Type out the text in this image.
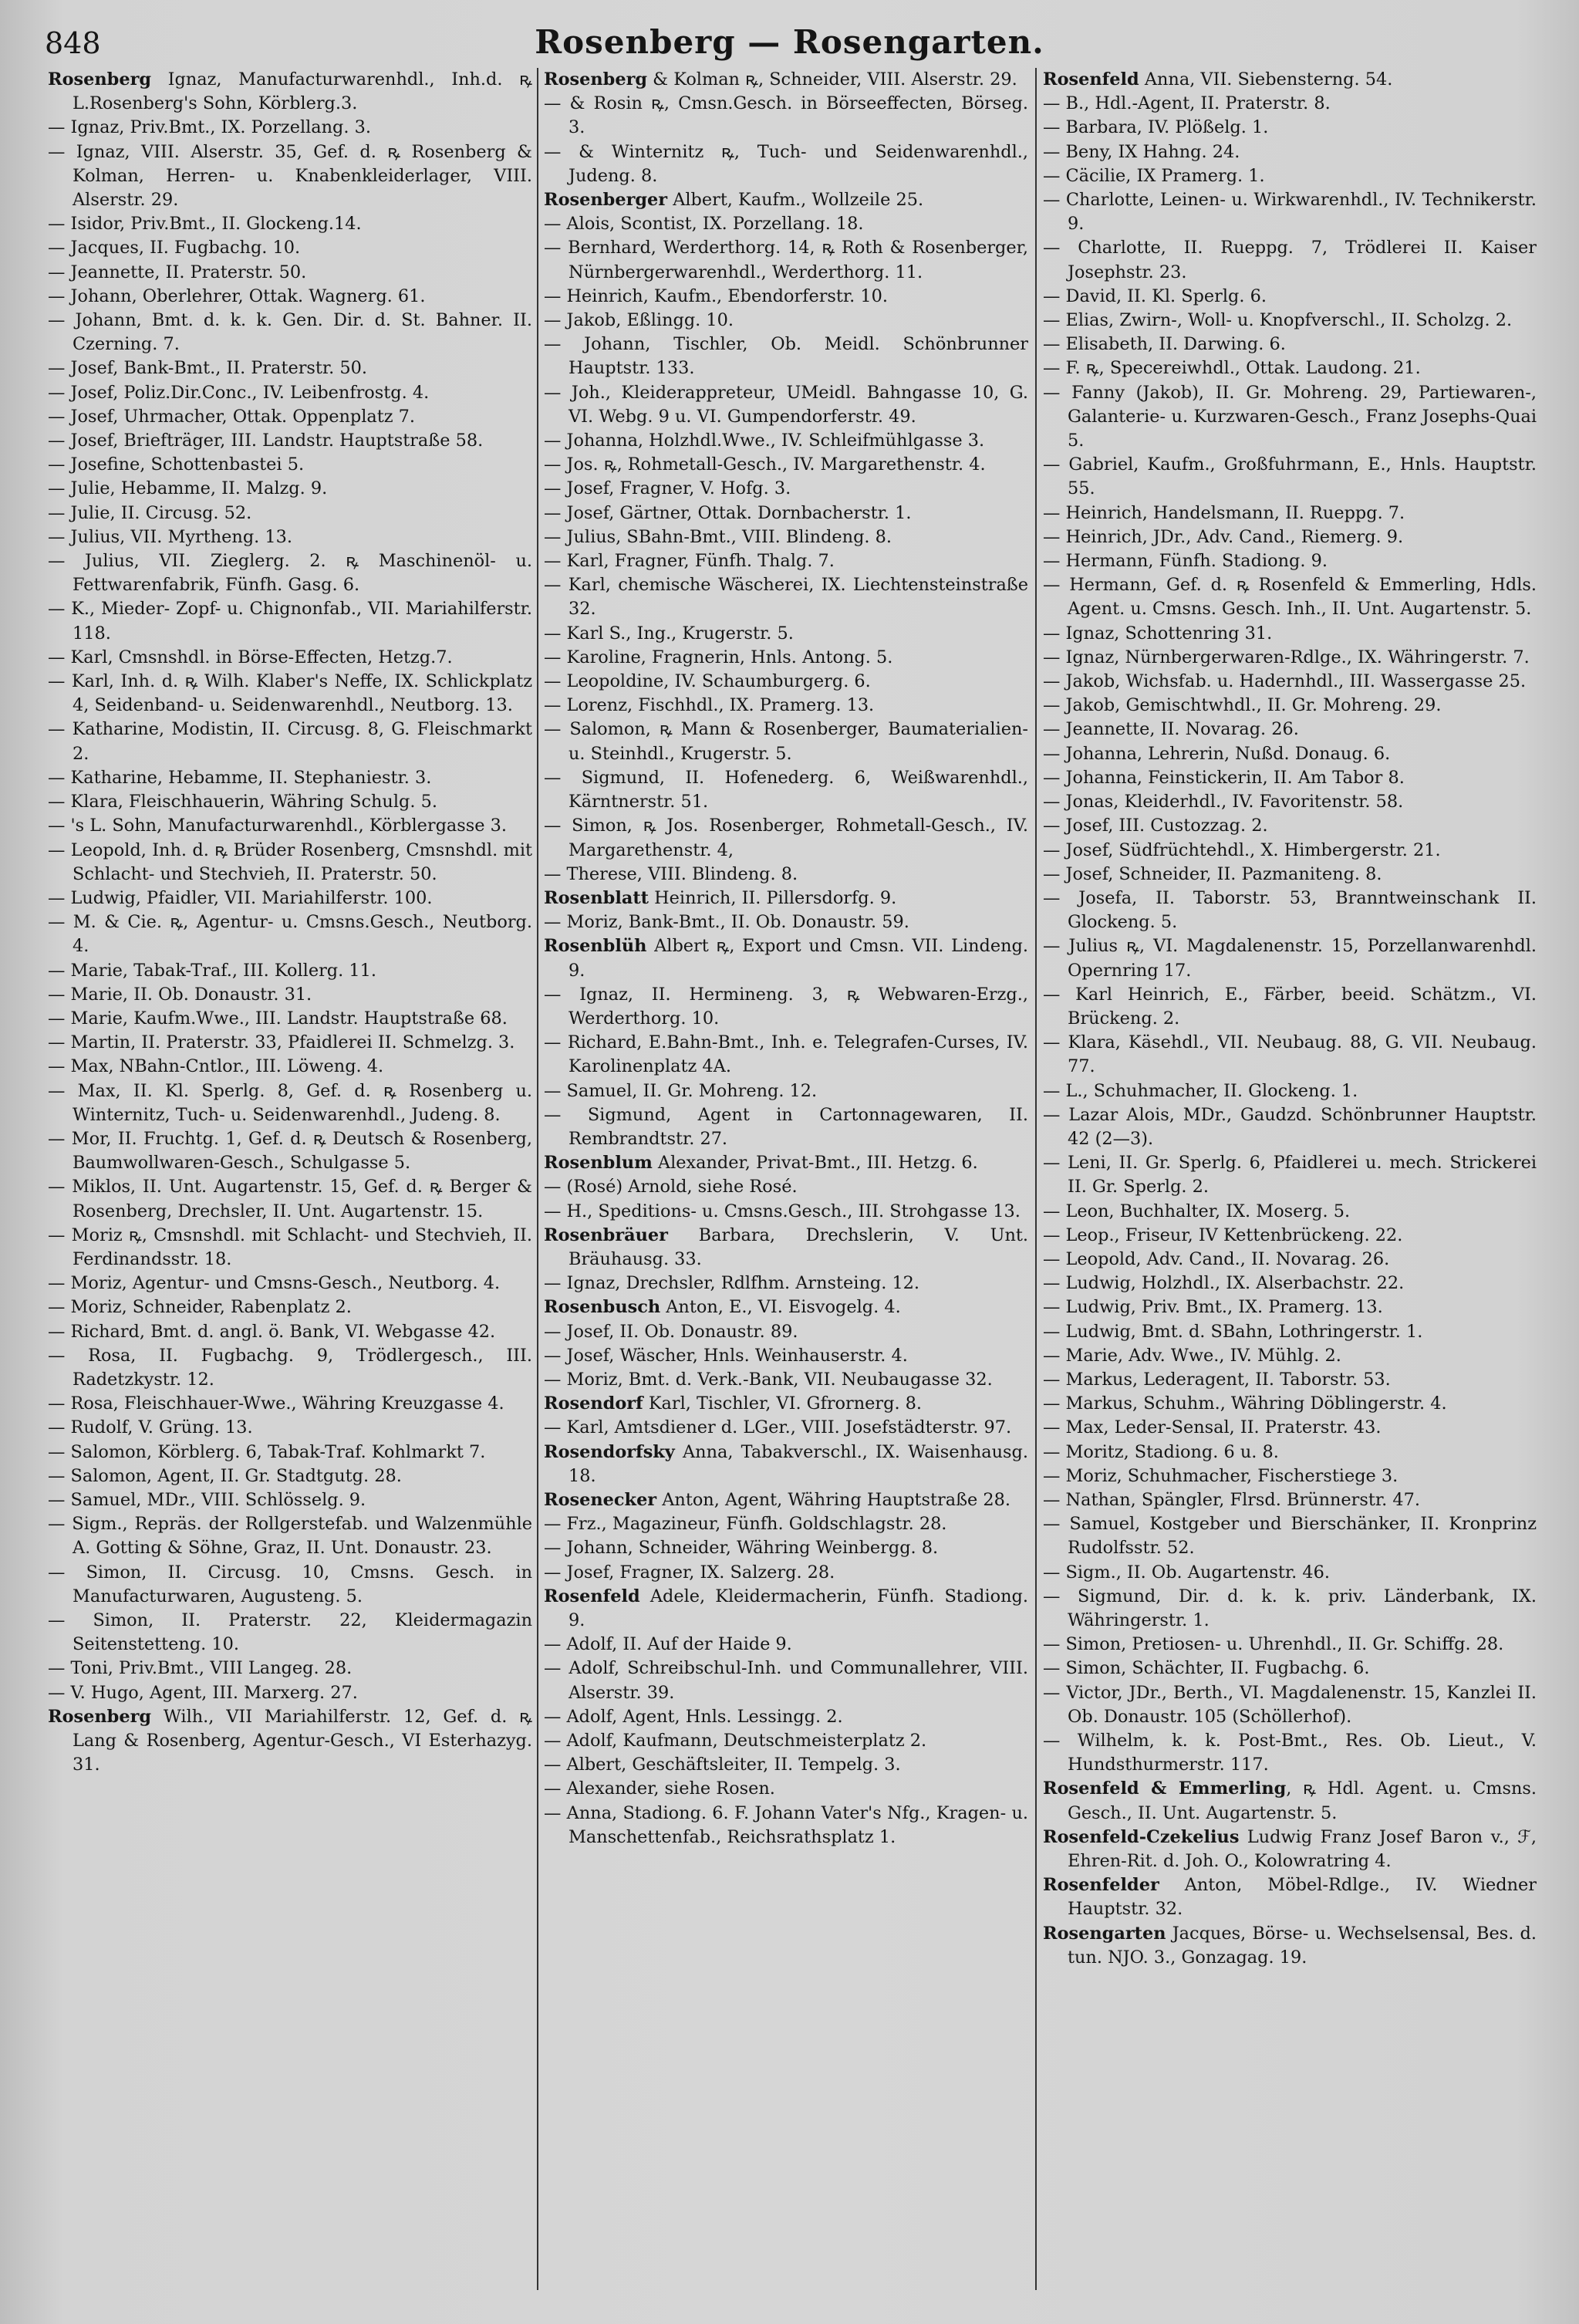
848	Rosenberg — Rosengarten.
Rosenberg Ignaz, Manufacturwarenhdl., Inh.d. ꝶ L.Rosenberg's Sohn, Körblerg.3.
— Ignaz, Priv.Bmt., IX. Porzellang. 3.
— Ignaz, VIII. Alserstr. 35, Gef. d. ꝶ Rosenberg & Kolman, Herren- u. Knabenkleiderlager, VIII. Alserstr. 29.
— Isidor, Priv.Bmt., II. Glockeng.14.
— Jacques, II. Fugbachg. 10.
— Jeannette, II. Praterstr. 50.
— Johann, Oberlehrer, Ottak. Wagnerg. 61.
— Johann, Bmt. d. k. k. Gen. Dir. d. St. Bahner. II. Czerning. 7.
— Josef, Bank-Bmt., II. Praterstr. 50.
— Josef, Poliz.Dir.Conc., IV. Leibenfrostg. 4.
— Josef, Uhrmacher, Ottak. Oppenplatz 7.
— Josef, Briefträger, III. Landstr. Hauptstraße 58.
— Josefine, Schottenbastei 5.
— Julie, Hebamme, II. Malzg. 9.
— Julie, II. Circusg. 52.
— Julius, VII. Myrtheng. 13.
— Julius, VII. Zieglerg. 2. ꝶ Maschinenöl- u. Fettwarenfabrik, Fünfh. Gasg. 6.
— K., Mieder- Zopf- u. Chignonfab., VII. Mariahilferstr. 118.
— Karl, Cmsnshdl. in Börse-Effecten, Hetzg.7.
— Karl, Inh. d. ꝶ Wilh. Klaber's Neffe, IX. Schlickplatz 4, Seidenband- u. Seidenwarenhdl., Neutborg. 13.
— Katharine, Modistin, II. Circusg. 8, G. Fleischmarkt 2.
— Katharine, Hebamme, II. Stephaniestr. 3.
— Klara, Fleischhauerin, Währing Schulg. 5.
— 's L. Sohn, Manufacturwarenhdl., Körblergasse 3.
— Leopold, Inh. d. ꝶ Brüder Rosenberg, Cmsnshdl. mit Schlacht- und Stechvieh, II. Praterstr. 50.
— Ludwig, Pfaidler, VII. Mariahilferstr. 100.
— M. & Cie. ꝶ, Agentur- u. Cmsns.Gesch., Neutborg. 4.
— Marie, Tabak-Traf., III. Kollerg. 11.
— Marie, II. Ob. Donaustr. 31.
— Marie, Kaufm.Wwe., III. Landstr. Hauptstraße 68.
— Martin, II. Praterstr. 33, Pfaidlerei II. Schmelzg. 3.
— Max, NBahn-Cntlor., III. Löweng. 4.
— Max, II. Kl. Sperlg. 8, Gef. d. ꝶ Rosenberg u. Winternitz, Tuch- u. Seidenwarenhdl., Judeng. 8.
— Mor, II. Fruchtg. 1, Gef. d. ꝶ Deutsch & Rosenberg, Baumwollwaren-Gesch., Schulgasse 5.
— Miklos, II. Unt. Augartenstr. 15, Gef. d. ꝶ Berger & Rosenberg, Drechsler, II. Unt. Augartenstr. 15.
— Moriz ꝶ, Cmsnshdl. mit Schlacht- und Stechvieh, II. Ferdinandsstr. 18.
— Moriz, Agentur- und Cmsns-Gesch., Neutborg. 4.
— Moriz, Schneider, Rabenplatz 2.
— Richard, Bmt. d. angl. ö. Bank, VI. Webgasse 42.
— Rosa, II. Fugbachg. 9, Trödlergesch., III. Radetzkystr. 12.
— Rosa, Fleischhauer-Wwe., Währing Kreuzgasse 4.
— Rudolf, V. Grüng. 13.
— Salomon, Körblerg. 6, Tabak-Traf. Kohlmarkt 7.
— Salomon, Agent, II. Gr. Stadtgutg. 28.
— Samuel, MDr., VIII. Schlösselg. 9.
— Sigm., Repräs. der Rollgerstefab. und Walzenmühle A. Gotting & Söhne, Graz, II. Unt. Donaustr. 23.
— Simon, II. Circusg. 10, Cmsns. Gesch. in Manufacturwaren, Augusteng. 5.
— Simon, II. Praterstr. 22, Kleidermagazin Seitenstetteng. 10.
— Toni, Priv.Bmt., VIII Langeg. 28.
— V. Hugo, Agent, III. Marxerg. 27.
Rosenberg Wilh., VII Mariahilferstr. 12, Gef. d. ꝶ Lang & Rosenberg, Agentur-Gesch., VI Esterhazyg. 31.
Rosenberg & Kolman ꝶ, Schneider, VIII. Alserstr. 29.
— & Rosin ꝶ, Cmsn.Gesch. in Börseeffecten, Börseg. 3.
— & Winternitz ꝶ, Tuch- und Seidenwarenhdl., Judeng. 8.
Rosenberger Albert, Kaufm., Wollzeile 25.
— Alois, Scontist, IX. Porzellang. 18.
— Bernhard, Werderthorg. 14, ꝶ Roth & Rosenberger, Nürnbergerwarenhdl., Werderthorg. 11.
— Heinrich, Kaufm., Ebendorferstr. 10.
— Jakob, Eßlingg. 10.
— Johann, Tischler, Ob. Meidl. Schönbrunner Hauptstr. 133.
— Joh., Kleiderappreteur, UMeidl. Bahngasse 10, G. VI. Webg. 9 u. VI. Gumpendorferstr. 49.
— Johanna, Holzhdl.Wwe., IV. Schleifmühlgasse 3.
— Jos. ꝶ, Rohmetall-Gesch., IV. Margarethenstr. 4.
— Josef, Fragner, V. Hofg. 3.
— Josef, Gärtner, Ottak. Dornbacherstr. 1.
— Julius, SBahn-Bmt., VIII. Blindeng. 8.
— Karl, Fragner, Fünfh. Thalg. 7.
— Karl, chemische Wäscherei, IX. Liechtensteinstraße 32.
— Karl S., Ing., Krugerstr. 5.
— Karoline, Fragnerin, Hnls. Antong. 5.
— Leopoldine, IV. Schaumburgerg. 6.
— Lorenz, Fischhdl., IX. Pramerg. 13.
— Salomon, ꝶ Mann & Rosenberger, Baumaterialien- u. Steinhdl., Krugerstr. 5.
— Sigmund, II. Hofenederg. 6, Weißwarenhdl., Kärntnerstr. 51.
— Simon, ꝶ Jos. Rosenberger, Rohmetall-Gesch., IV. Margarethenstr. 4,
— Therese, VIII. Blindeng. 8.
Rosenblatt Heinrich, II. Pillersdorfg. 9.
— Moriz, Bank-Bmt., II. Ob. Donaustr. 59.
Rosenblüh Albert ꝶ, Export und Cmsn. VII. Lindeng. 9.
— Ignaz, II. Hermineng. 3, ꝶ Webwaren-Erzg., Werderthorg. 10.
— Richard, E.Bahn-Bmt., Inh. e. Telegrafen-Curses, IV. Karolinenplatz 4A.
— Samuel, II. Gr. Mohreng. 12.
— Sigmund, Agent in Cartonnagewaren, II. Rembrandtstr. 27.
Rosenblum Alexander, Privat-Bmt., III. Hetzg. 6.
— (Rosé) Arnold, siehe Rosé.
— H., Speditions- u. Cmsns.Gesch., III. Strohgasse 13.
Rosenbräuer Barbara, Drechslerin, V. Unt. Bräuhausg. 33.
— Ignaz, Drechsler, Rdlfhm. Arnsteing. 12.
Rosenbusch Anton, E., VI. Eisvogelg. 4.
— Josef, II. Ob. Donaustr. 89.
— Josef, Wäscher, Hnls. Weinhauserstr. 4.
— Moriz, Bmt. d. Verk.-Bank, VII. Neubaugasse 32.
Rosendorf Karl, Tischler, VI. Gfrornerg. 8.
— Karl, Amtsdiener d. LGer., VIII. Josefstädterstr. 97.
Rosendorfsky Anna, Tabakverschl., IX. Waisenhausg. 18.
Rosenecker Anton, Agent, Währing Hauptstraße 28.
— Frz., Magazineur, Fünfh. Goldschlagstr. 28.
— Johann, Schneider, Währing Weinbergg. 8.
— Josef, Fragner, IX. Salzerg. 28.
Rosenfeld Adele, Kleidermacherin, Fünfh. Stadiong. 9.
— Adolf, II. Auf der Haide 9.
— Adolf, Schreibschul-Inh. und Communallehrer, VIII. Alserstr. 39.
— Adolf, Agent, Hnls. Lessingg. 2.
— Adolf, Kaufmann, Deutschmeisterplatz 2.
— Albert, Geschäftsleiter, II. Tempelg. 3.
— Alexander, siehe Rosen.
— Anna, Stadiong. 6. F. Johann Vater's Nfg., Kragen- u. Manschettenfab., Reichsrathsplatz 1.
Rosenfeld Anna, VII. Siebensterng. 54.
— B., Hdl.-Agent, II. Praterstr. 8.
— Barbara, IV. Plößelg. 1.
— Beny, IX Hahng. 24.
— Cäcilie, IX Pramerg. 1.
— Charlotte, Leinen- u. Wirkwarenhdl., IV. Technikerstr. 9.
— Charlotte, II. Rueppg. 7, Trödlerei II. Kaiser Josephstr. 23.
— David, II. Kl. Sperlg. 6.
— Elias, Zwirn-, Woll- u. Knopfverschl., II. Scholzg. 2.
— Elisabeth, II. Darwing. 6.
— F. ꝶ, Specereiwhdl., Ottak. Laudong. 21.
— Fanny (Jakob), II. Gr. Mohreng. 29, Partiewaren-, Galanterie- u. Kurzwaren-Gesch., Franz Josephs-Quai 5.
— Gabriel, Kaufm., Großfuhrmann, E., Hnls. Hauptstr. 55.
— Heinrich, Handelsmann, II. Rueppg. 7.
— Heinrich, JDr., Adv. Cand., Riemerg. 9.
— Hermann, Fünfh. Stadiong. 9.
— Hermann, Gef. d. ꝶ Rosenfeld & Emmerling, Hdls. Agent. u. Cmsns. Gesch. Inh., II. Unt. Augartenstr. 5.
— Ignaz, Schottenring 31.
— Ignaz, Nürnbergerwaren-Rdlge., IX. Währingerstr. 7.
— Jakob, Wichsfab. u. Hadernhdl., III. Wassergasse 25.
— Jakob, Gemischtwhdl., II. Gr. Mohreng. 29.
— Jeannette, II. Novarag. 26.
— Johanna, Lehrerin, Nußd. Donaug. 6.
— Johanna, Feinstickerin, II. Am Tabor 8.
— Jonas, Kleiderhdl., IV. Favoritenstr. 58.
— Josef, III. Custozzag. 2.
— Josef, Südfrüchtehdl., X. Himbergerstr. 21.
— Josef, Schneider, II. Pazmaniteng. 8.
— Josefa, II. Taborstr. 53, Branntweinschank II. Glockeng. 5.
— Julius ꝶ, VI. Magdalenenstr. 15, Porzellanwarenhdl. Opernring 17.
— Karl Heinrich, E., Färber, beeid. Schätzm., VI. Brückeng. 2.
— Klara, Käsehdl., VII. Neubaug. 88, G. VII. Neubaug. 77.
— L., Schuhmacher, II. Glockeng. 1.
— Lazar Alois, MDr., Gaudzd. Schönbrunner Hauptstr. 42 (2—3).
— Leni, II. Gr. Sperlg. 6, Pfaidlerei u. mech. Strickerei II. Gr. Sperlg. 2.
— Leon, Buchhalter, IX. Moserg. 5.
— Leop., Friseur, IV Kettenbrückeng. 22.
— Leopold, Adv. Cand., II. Novarag. 26.
— Ludwig, Holzhdl., IX. Alserbachstr. 22.
— Ludwig, Priv. Bmt., IX. Pramerg. 13.
— Ludwig, Bmt. d. SBahn, Lothringerstr. 1.
— Marie, Adv. Wwe., IV. Mühlg. 2.
— Markus, Lederagent, II. Taborstr. 53.
— Markus, Schuhm., Währing Döblingerstr. 4.
— Max, Leder-Sensal, II. Praterstr. 43.
— Moritz, Stadiong. 6 u. 8.
— Moriz, Schuhmacher, Fischerstiege 3.
— Nathan, Spängler, Flrsd. Brünnerstr. 47.
— Samuel, Kostgeber und Bierschänker, II. Kronprinz Rudolfsstr. 52.
— Sigm., II. Ob. Augartenstr. 46.
— Sigmund, Dir. d. k. k. priv. Länderbank, IX. Währingerstr. 1.
— Simon, Pretiosen- u. Uhrenhdl., II. Gr. Schiffg. 28.
— Simon, Schächter, II. Fugbachg. 6.
— Victor, JDr., Berth., VI. Magdalenenstr. 15, Kanzlei II. Ob. Donaustr. 105 (Schöllerhof).
— Wilhelm, k. k. Post-Bmt., Res. Ob. Lieut., V. Hundsthurmerstr. 117.
Rosenfeld & Emmerling, ꝶ Hdl. Agent. u. Cmsns. Gesch., II. Unt. Augartenstr. 5.
Rosenfeld-Czekelius Ludwig Franz Josef Baron v., ℱ, Ehren-Rit. d. Joh. O., Kolowratring 4.
Rosenfelder Anton, Möbel-Rdlge., IV. Wiedner Hauptstr. 32.
Rosengarten Jacques, Börse- u. Wechselsensal, Bes. d. tun. NJO. 3., Gonzagag. 19.
